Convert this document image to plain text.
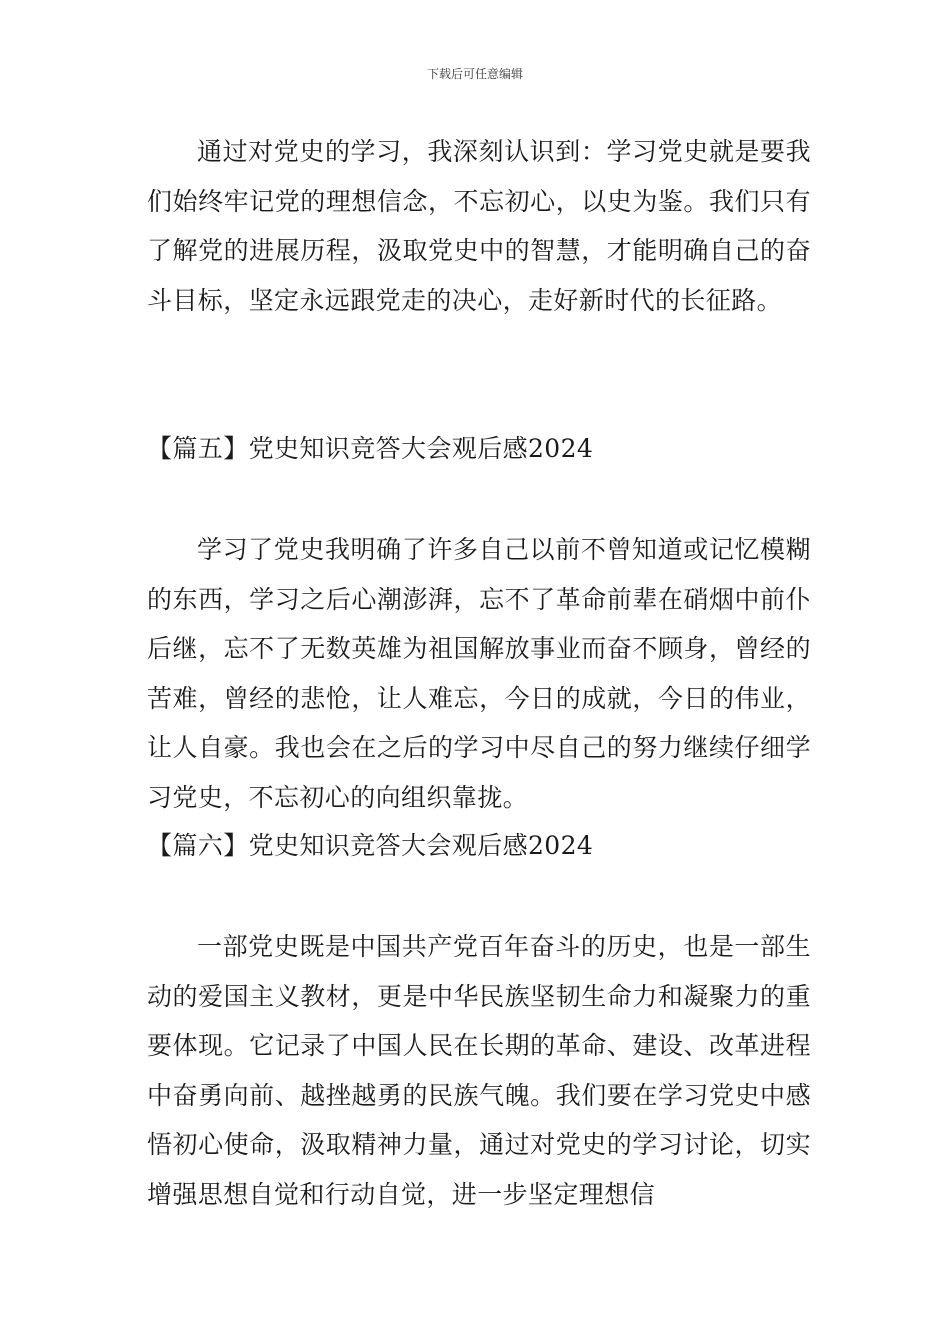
下载后可任意编辑

通过对党史的学习，我深刻认识到：学习党史就是要我们始终牢记党的理想信念，不忘初心，以史为鉴。我们只有了解党的进展历程，汲取党史中的智慧，才能明确自己的奋斗目标，坚定永远跟党走的决心，走好新时代的长征路。

【篇五】党史知识竞答大会观后感2024

学习了党史我明确了许多自己以前不曾知道或记忆模糊的东西，学习之后心潮澎湃，忘不了革命前辈在硝烟中前仆后继，忘不了无数英雄为祖国解放事业而奋不顾身，曾经的苦难，曾经的悲怆，让人难忘，今日的成就，今日的伟业，让人自豪。我也会在之后的学习中尽自己的努力继续仔细学习党史，不忘初心的向组织靠拢。

【篇六】党史知识竞答大会观后感2024

一部党史既是中国共产党百年奋斗的历史，也是一部生动的爱国主义教材，更是中华民族坚韧生命力和凝聚力的重要体现。它记录了中国人民在长期的革命、建设、改革进程中奋勇向前、越挫越勇的民族气魄。我们要在学习党史中感悟初心使命，汲取精神力量，通过对党史的学习讨论，切实增强思想自觉和行动自觉，进一步坚定理想信
